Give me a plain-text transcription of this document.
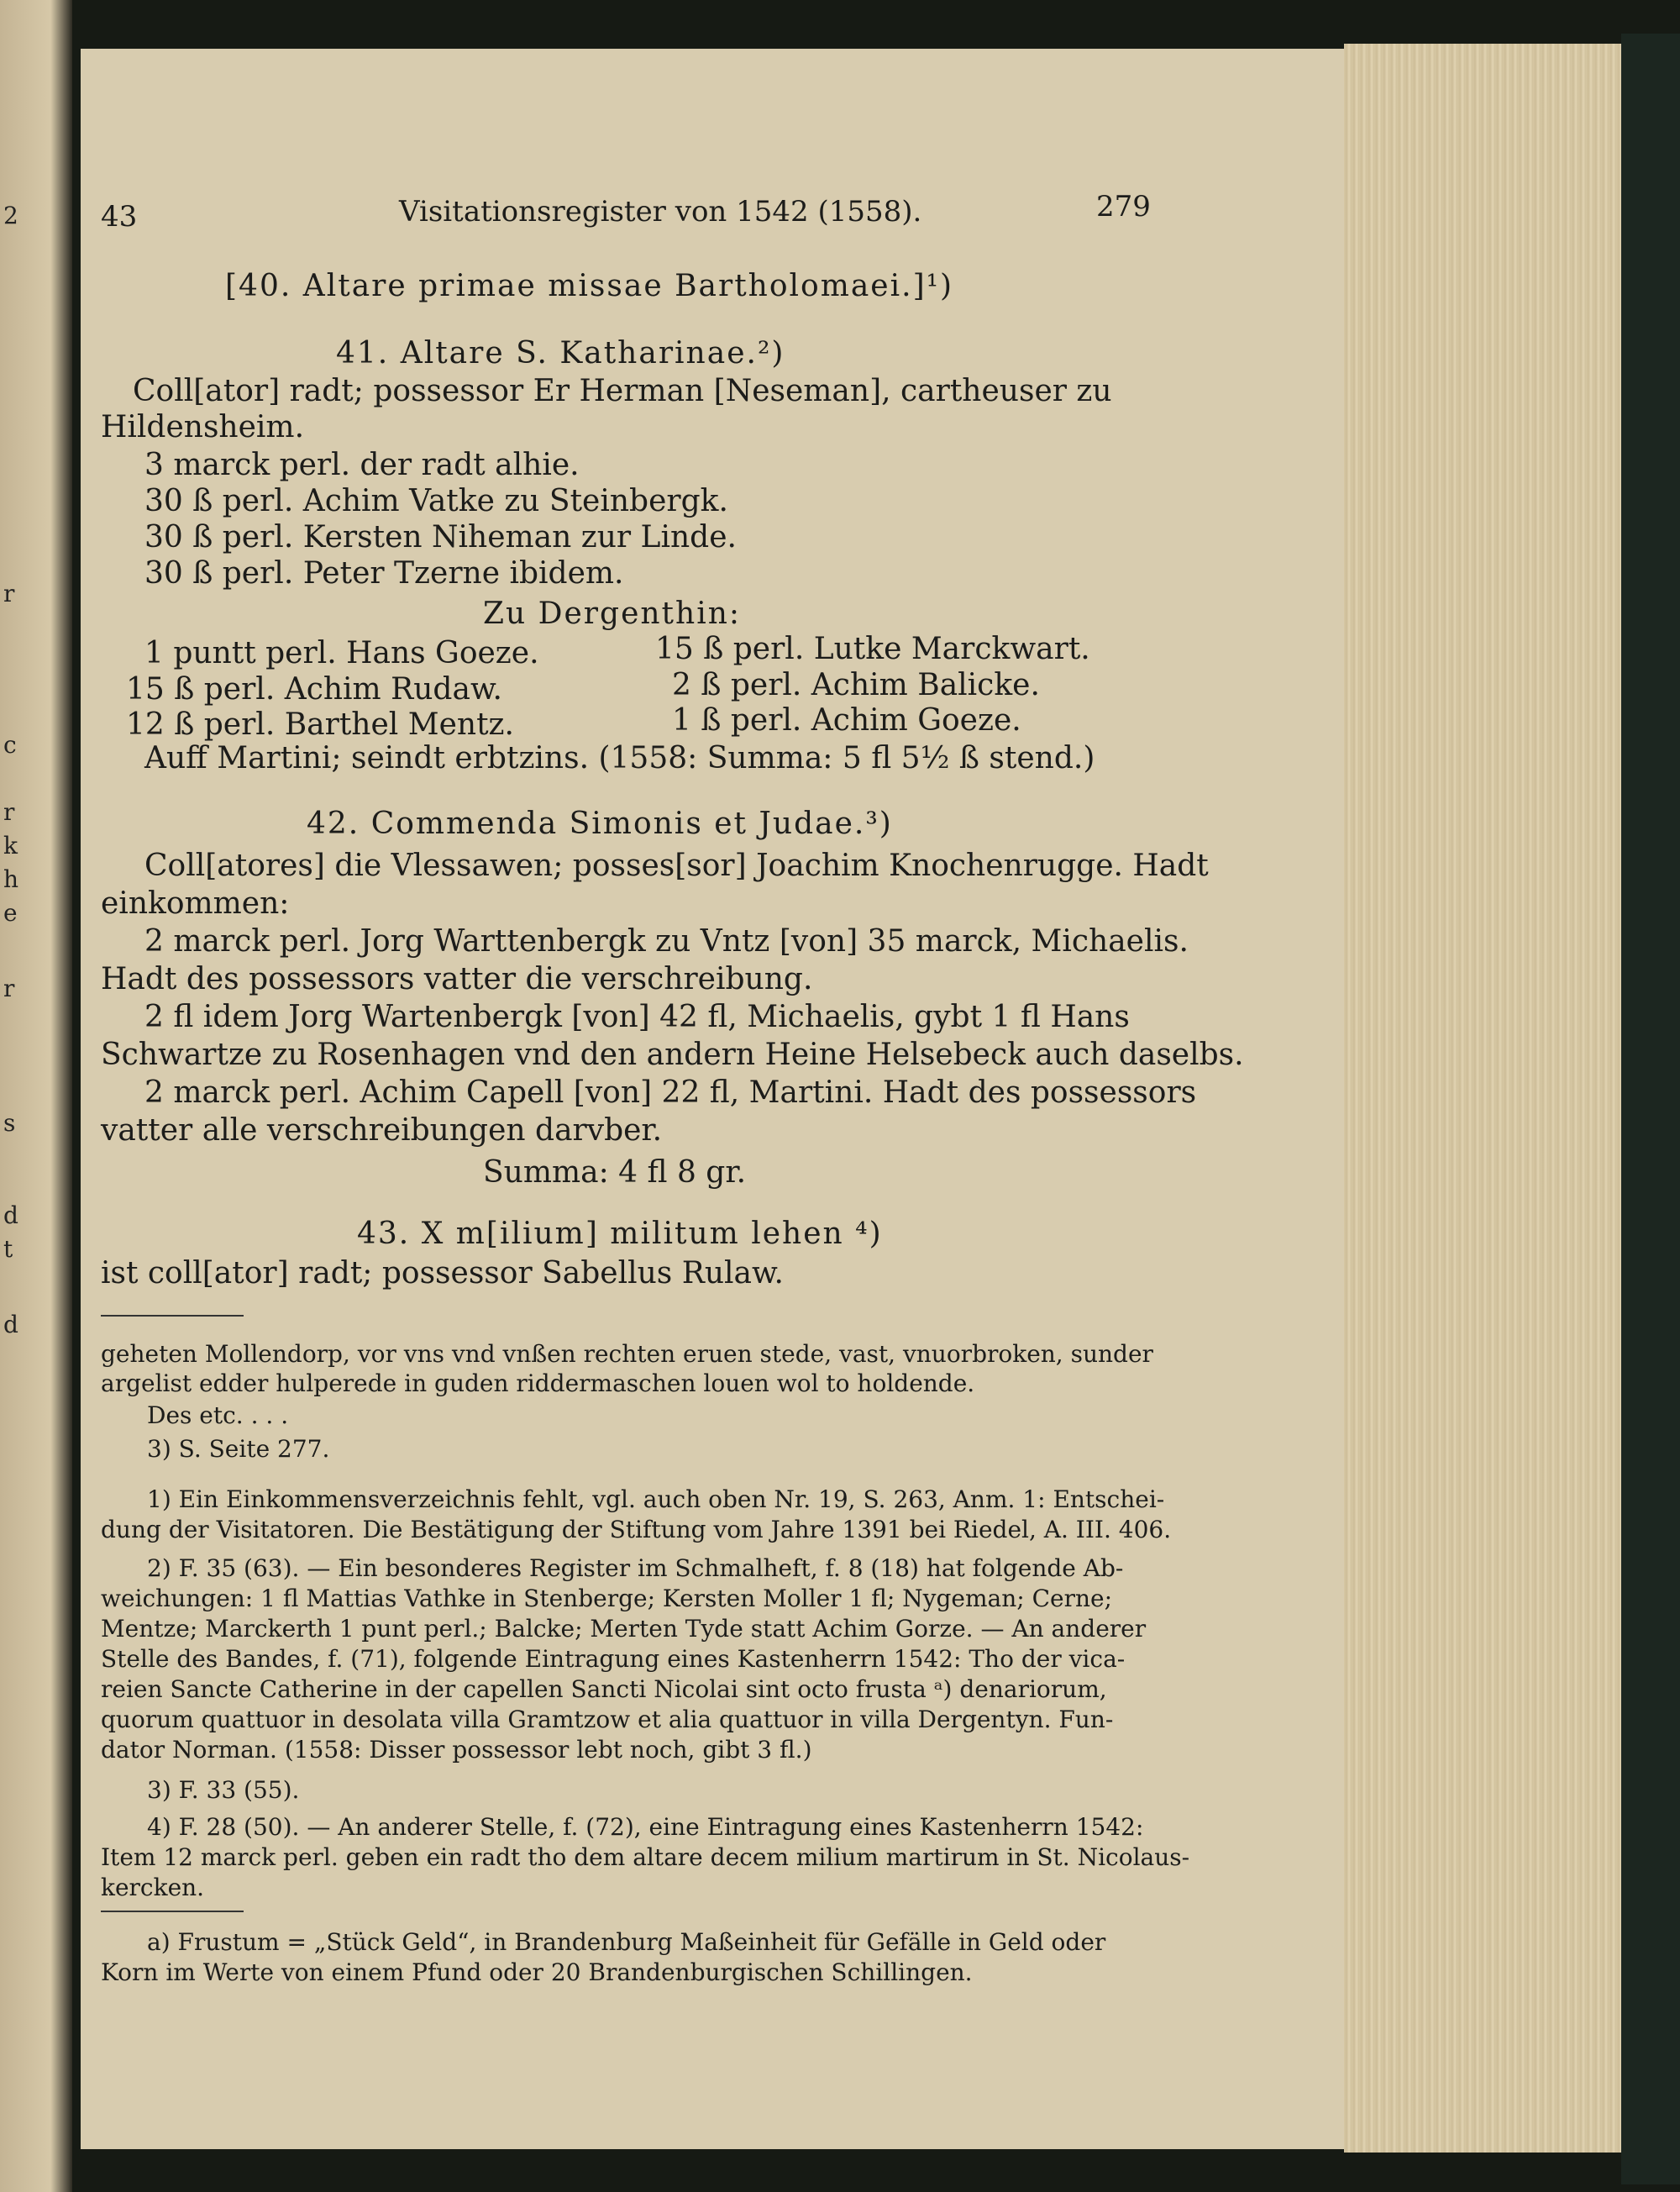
2
r
c
r
k
h
e
r
s
d
t
d
43	Visitationsregister von 1542 (1558).	279
[40. Altare primae missae Bartholomaei.]¹)
41. Altare S. Katharinae.²)
Coll[ator] radt; possessor Er Herman [Neseman], cartheuser zu
Hildensheim.
3 marck perl. der radt alhie.
30 ß perl. Achim Vatke zu Steinbergk.
30 ß perl. Kersten Niheman zur Linde.
30 ß perl. Peter Tzerne ibidem.
Zu Dergenthin:
1 puntt perl. Hans Goeze.
15 ß perl. Achim Rudaw.
12 ß perl. Barthel Mentz.
15 ß perl. Lutke Marckwart.
2 ß perl. Achim Balicke.
1 ß perl. Achim Goeze.
Auff Martini; seindt erbtzins. (1558: Summa: 5 fl 5½ ß stend.)
42. Commenda Simonis et Judae.³)
Coll[atores] die Vlessawen; posses[sor] Joachim Knochenrugge. Hadt
einkommen:
2 marck perl. Jorg Warttenbergk zu Vntz [von] 35 marck, Michaelis.
Hadt des possessors vatter die verschreibung.
2 fl idem Jorg Wartenbergk [von] 42 fl, Michaelis, gybt 1 fl Hans
Schwartze zu Rosenhagen vnd den andern Heine Helsebeck auch daselbs.
2 marck perl. Achim Capell [von] 22 fl, Martini. Hadt des possessors
vatter alle verschreibungen darvber.
Summa: 4 fl 8 gr.
43. X m[ilium] militum lehen ⁴)
ist coll[ator] radt; possessor Sabellus Rulaw.
geheten Mollendorp, vor vns vnd vnßen rechten eruen stede, vast, vnuorbroken, sunder
argelist edder hulperede in guden riddermaschen louen wol to holdende.
Des etc. . . .
3) S. Seite 277.
1) Ein Einkommensverzeichnis fehlt, vgl. auch oben Nr. 19, S. 263, Anm. 1: Entschei-
dung der Visitatoren. Die Bestätigung der Stiftung vom Jahre 1391 bei Riedel, A. III. 406.
2) F. 35 (63). — Ein besonderes Register im Schmalheft, f. 8 (18) hat folgende Ab-
weichungen: 1 fl Mattias Vathke in Stenberge; Kersten Moller 1 fl; Nygeman; Cerne;
Mentze; Marckerth 1 punt perl.; Balcke; Merten Tyde statt Achim Gorze. — An anderer
Stelle des Bandes, f. (71), folgende Eintragung eines Kastenherrn 1542: Tho der vica-
reien Sancte Catherine in der capellen Sancti Nicolai sint octo frusta ᵃ) denariorum,
quorum quattuor in desolata villa Gramtzow et alia quattuor in villa Dergentyn. Fun-
dator Norman. (1558: Disser possessor lebt noch, gibt 3 fl.)
3) F. 33 (55).
4) F. 28 (50). — An anderer Stelle, f. (72), eine Eintragung eines Kastenherrn 1542:
Item 12 marck perl. geben ein radt tho dem altare decem milium martirum in St. Nicolaus-
kercken.
a) Frustum = „Stück Geld“, in Brandenburg Maßeinheit für Gefälle in Geld oder
Korn im Werte von einem Pfund oder 20 Brandenburgischen Schillingen.
